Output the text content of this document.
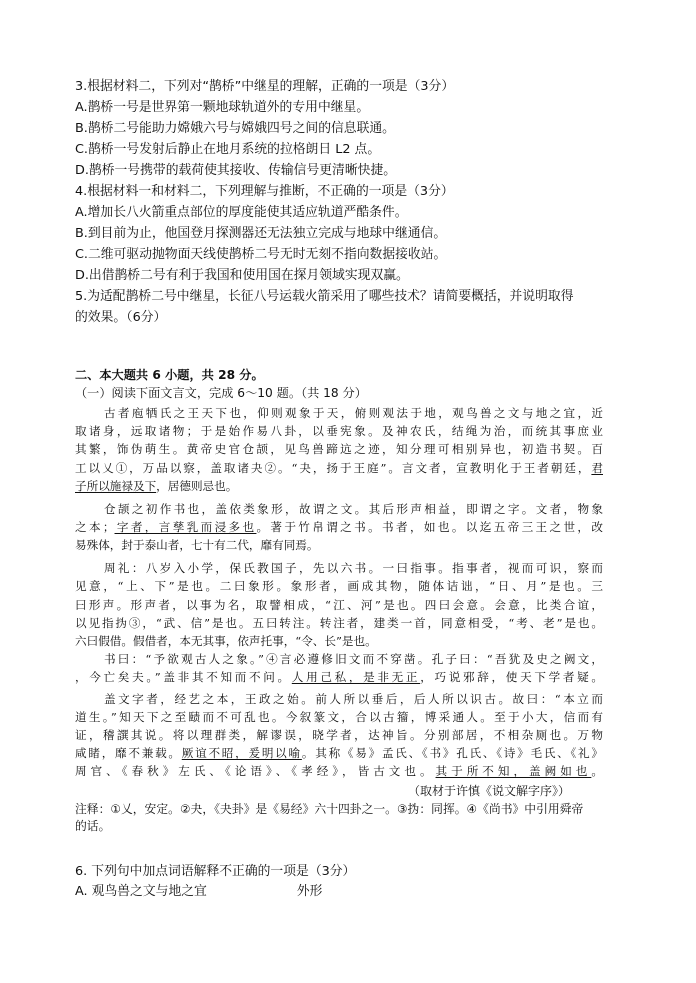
3.根据材料二，下列对“鹊桥”中继星的理解，正确的一项是（3分）
A.鹊桥一号是世界第一颗地球轨道外的专用中继星。
B.鹊桥二号能助力嫦娥六号与嫦娥四号之间的信息联通。
C.鹊桥一号发射后静止在地月系统的拉格朗日 L2 点。
D.鹊桥一号携带的载荷使其接收、传输信号更清晰快捷。
4.根据材料一和材料二，下列理解与推断，不正确的一项是（3分）
A.增加长八火箭重点部位的厚度能使其适应轨道严酷条件。
B.到目前为止，他国登月探测器还无法独立完成与地球中继通信。
C.二维可驱动抛物面天线使鹊桥二号无时无刻不指向数据接收站。
D.出借鹊桥二号有利于我国和使用国在探月领域实现双赢。
5.为适配鹊桥二号中继星，长征八号运载火箭采用了哪些技术？请简要概括，并说明取得
的效果。（6分）
二、本大题共 6 小题，共 28 分。
（一）阅读下面文言文，完成 6～10 题。（共 18 分）
古者庖牺氏之王天下也，仰则观象于天，俯则观法于地，观鸟兽之文与地之宜，近
取诸身，远取诸物；于是始作易八卦，以垂宪象。及神农氏，结绳为治，而统其事庶业
其繁，饰伪萌生。黄帝史官仓颉，见鸟兽蹄迒之迹，知分理可相别异也，初造书契。百
工以乂①，万品以察，盖取诸夬②。“夬，扬于王庭”。言文者，宣教明化于王者朝廷，君
子所以施禄及下，居德则忌也。
仓颉之初作书也，盖依类象形，故谓之文。其后形声相益，即谓之字。文者，物象
之本；字者，言孳乳而浸多也。著于竹帛谓之书。书者，如也。以迄五帝三王之世，改
易殊体，封于泰山者，七十有二代，靡有同焉。
周礼：八岁入小学，保氏教国子，先以六书。一曰指事。指事者，视而可识，察而
见意，“上、下”是也。二曰象形。象形者，画成其物，随体诘诎，“日、月”是也。三
曰形声。形声者，以事为名，取譬相成，“江、河”是也。四曰会意。会意，比类合谊，
以见指㧑③，“武、信”是也。五曰转注。转注者，建类一首，同意相受，“考、老”是也。
六曰假借。假借者，本无其事，依声托事，“令、长”是也。
书曰：“予欲观古人之象。”④言必遵修旧文而不穿凿。孔子曰：“吾犹及史之阙文，
，今亡矣夫。”盖非其不知而不问。人用己私，是非无正，巧说邪辞，使天下学者疑。
盖文字者，经艺之本，王政之始。前人所以垂后，后人所以识古。故曰：“本立而
道生。”知天下之至赜而不可乱也。今叙篆文，合以古籀，博采通人。至于小大，信而有
证，稽譔其说。将以理群类，解谬误，晓学者，达神旨。分别部居，不相杂厕也。万物
咸睹，靡不兼载。厥谊不昭，爰明以喻。其称《易》孟氏、《书》孔氏、《诗》毛氏、《礼》
周官、《春秋》左氏、《论语》、《孝经》，皆古文也。其于所不知，盖阙如也。
（取材于许慎《说文解字序》）
注释：①乂，安定。②夬，《夬卦》是《易经》六十四卦之一。③㧑：同挥。④《尚书》中引用舜帝
的话。
6. 下列句中加点词语解释不正确的一项是（3分）
A. 观鸟兽之文与地之宜	外形
